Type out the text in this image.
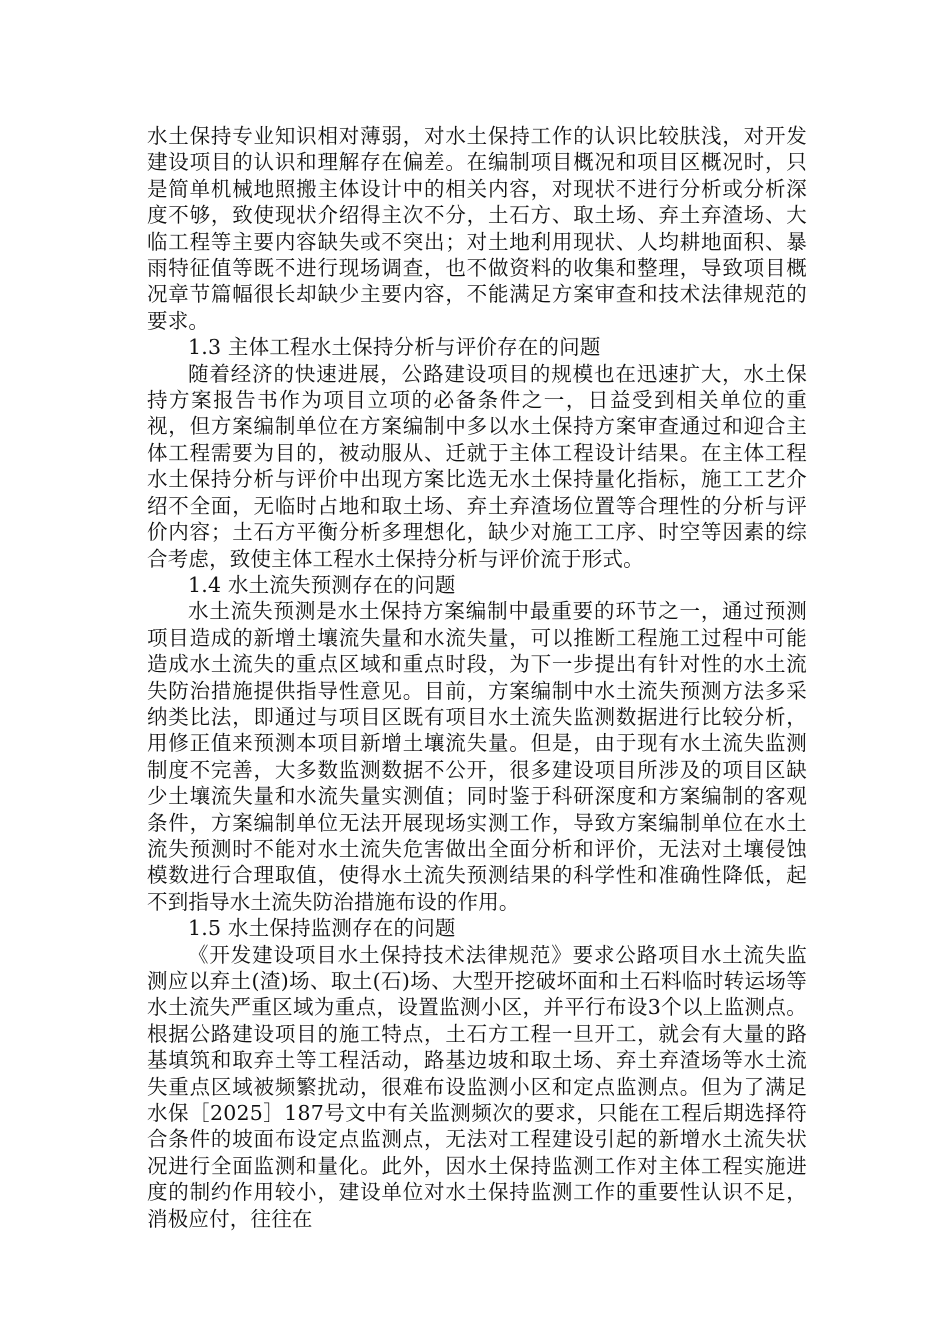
水土保持专业知识相对薄弱，对水土保持工作的认识比较肤浅，对开发建设项目的认识和理解存在偏差。在编制项目概况和项目区概况时，只是简单机械地照搬主体设计中的相关内容，对现状不进行分析或分析深度不够，致使现状介绍得主次不分，土石方、取土场、弃土弃渣场、大临工程等主要内容缺失或不突出；对土地利用现状、人均耕地面积、暴雨特征值等既不进行现场调查，也不做资料的收集和整理，导致项目概况章节篇幅很长却缺少主要内容，不能满足方案审查和技术法律规范的要求。

1.3 主体工程水土保持分析与评价存在的问题

随着经济的快速进展，公路建设项目的规模也在迅速扩大，水土保持方案报告书作为项目立项的必备条件之一，日益受到相关单位的重视，但方案编制单位在方案编制中多以水土保持方案审查通过和迎合主体工程需要为目的，被动服从、迁就于主体工程设计结果。在主体工程水土保持分析与评价中出现方案比选无水土保持量化指标，施工工艺介绍不全面，无临时占地和取土场、弃土弃渣场位置等合理性的分析与评价内容；土石方平衡分析多理想化，缺少对施工工序、时空等因素的综合考虑，致使主体工程水土保持分析与评价流于形式。

1.4 水土流失预测存在的问题

水土流失预测是水土保持方案编制中最重要的环节之一，通过预测项目造成的新增土壤流失量和水流失量，可以推断工程施工过程中可能造成水土流失的重点区域和重点时段，为下一步提出有针对性的水土流失防治措施提供指导性意见。目前，方案编制中水土流失预测方法多采纳类比法，即通过与项目区既有项目水土流失监测数据进行比较分析，用修正值来预测本项目新增土壤流失量。但是，由于现有水土流失监测制度不完善，大多数监测数据不公开，很多建设项目所涉及的项目区缺少土壤流失量和水流失量实测值；同时鉴于科研深度和方案编制的客观条件，方案编制单位无法开展现场实测工作，导致方案编制单位在水土流失预测时不能对水土流失危害做出全面分析和评价，无法对土壤侵蚀模数进行合理取值，使得水土流失预测结果的科学性和准确性降低，起不到指导水土流失防治措施布设的作用。

1.5 水土保持监测存在的问题

《开发建设项目水土保持技术法律规范》要求公路项目水土流失监测应以弃土(渣)场、取土(石)场、大型开挖破坏面和土石料临时转运场等水土流失严重区域为重点，设置监测小区，并平行布设3个以上监测点。根据公路建设项目的施工特点，土石方工程一旦开工，就会有大量的路基填筑和取弃土等工程活动，路基边坡和取土场、弃土弃渣场等水土流失重点区域被频繁扰动，很难布设监测小区和定点监测点。但为了满足水保［2025］187号文中有关监测频次的要求，只能在工程后期选择符合条件的坡面布设定点监测点，无法对工程建设引起的新增水土流失状况进行全面监测和量化。此外，因水土保持监测工作对主体工程实施进度的制约作用较小，建设单位对水土保持监测工作的重要性认识不足，消极应付，往往在
